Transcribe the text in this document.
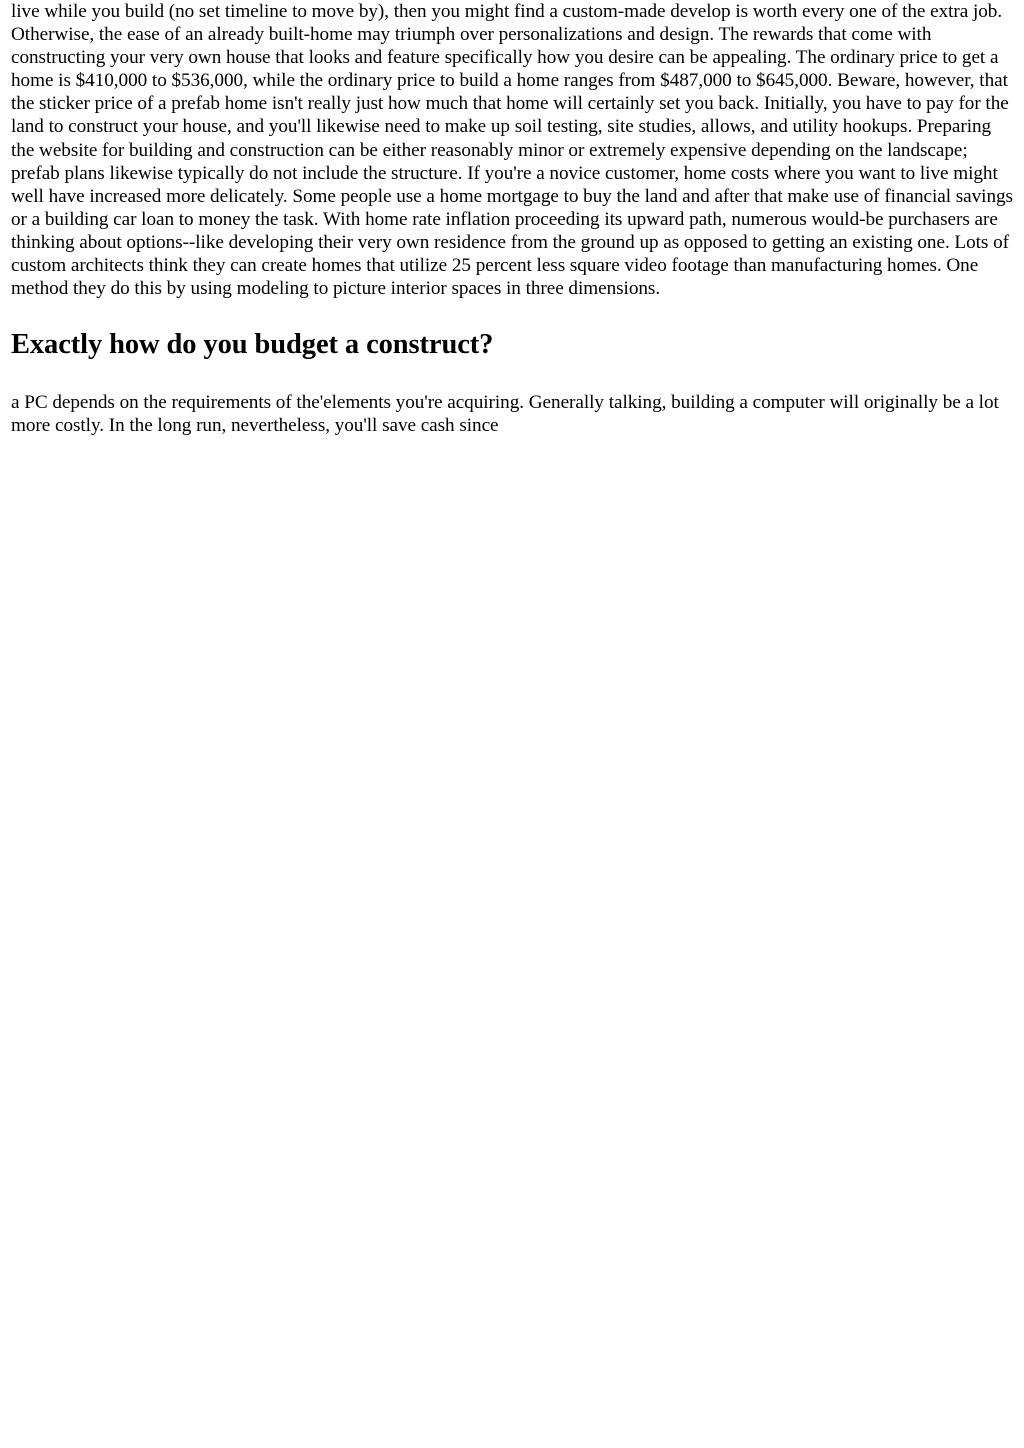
live while you build (no set timeline to move by), then you might find a custom-made develop is worth every one of the extra job. Otherwise, the ease of an already built-home may triumph over personalizations and design. The rewards that come with constructing your very own house that looks and feature specifically how you desire can be appealing. The ordinary price to get a home is $410,000 to $536,000, while the ordinary price to build a home ranges from $487,000 to $645,000. Beware, however, that the sticker price of a prefab home isn't really just how much that home will certainly set you back. Initially, you have to pay for the land to construct your house, and you'll likewise need to make up soil testing, site studies, allows, and utility hookups. Preparing the website for building and construction can be either reasonably minor or extremely expensive depending on the landscape; prefab plans likewise typically do not include the structure. If you're a novice customer, home costs where you want to live might well have increased more delicately. Some people use a home mortgage to buy the land and after that make use of financial savings or a building car loan to money the task. With home rate inflation proceeding its upward path, numerous would-be purchasers are thinking about options--like developing their very own residence from the ground up as opposed to getting an existing one. Lots of custom architects think they can create homes that utilize 25 percent less square video footage than manufacturing homes. One method they do this by using modeling to picture interior spaces in three dimensions.

Exactly how do you budget a construct?

a PC depends on the requirements of the'elements you're acquiring. Generally talking, building a computer will originally be a lot more costly. In the long run, nevertheless, you'll save cash since
